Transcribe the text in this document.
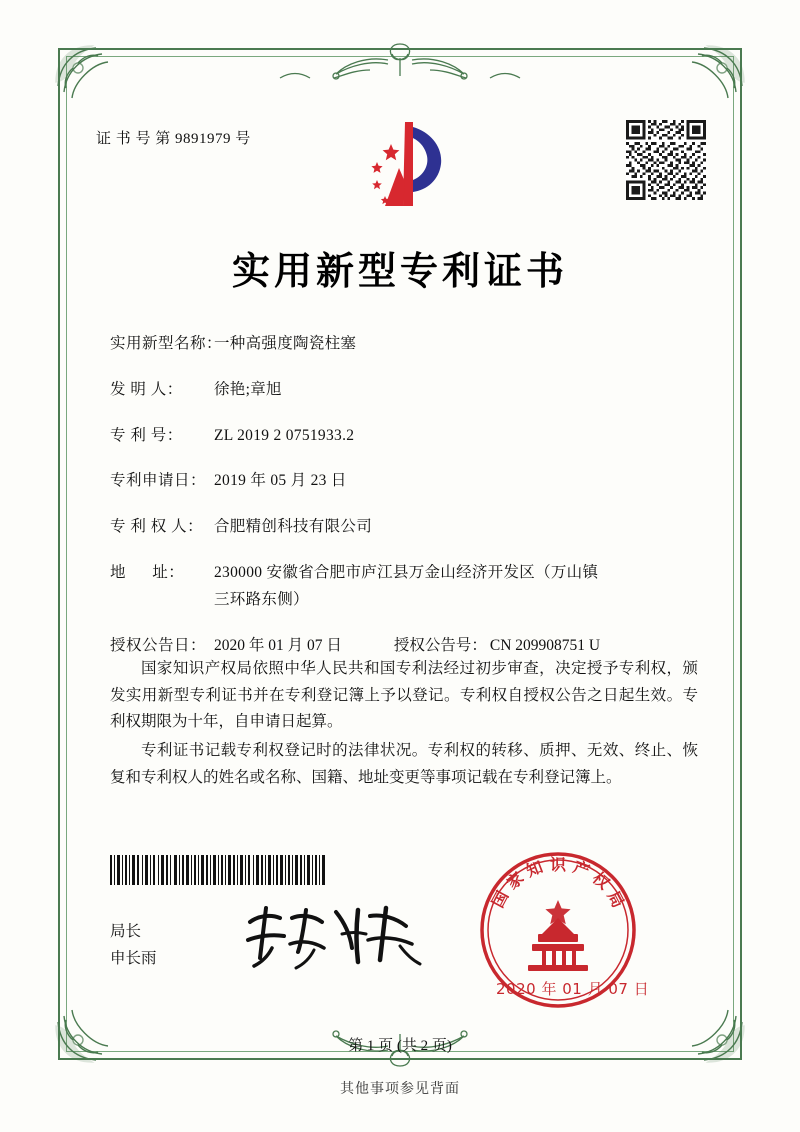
证 书 号 第 9891979 号
实用新型专利证书
实用新型名称：
一种高强度陶瓷柱塞
发 明 人：	徐艳;章旭
专 利 号：	ZL 2019 2 0751933.2
专利申请日： 2019 年 05 月 23 日
专 利 权 人： 合肥精创科技有限公司
地      址：	230000 安徽省合肥市庐江县万金山经济开发区（万山镇
三环路东侧）
授权公告日： 2020 年 01 月 07 日	授权公告号： CN 209908751 U

国家知识产权局依照中华人民共和国专利法经过初步审查，决定授予专利权，颁发实用新型专利证书并在专利登记簿上予以登记。专利权自授权公告之日起生效。专利权期限为十年，自申请日起算。

专利证书记载专利权登记时的法律状况。专利权的转移、质押、无效、终止、恢复和专利权人的姓名或名称、国籍、地址变更等事项记载在专利登记簿上。

局长
申长雨
国
家
知 识 产
权
局
2020 年 01 月 07 日
第 1 页 (共 2 页)
其他事项参见背面
